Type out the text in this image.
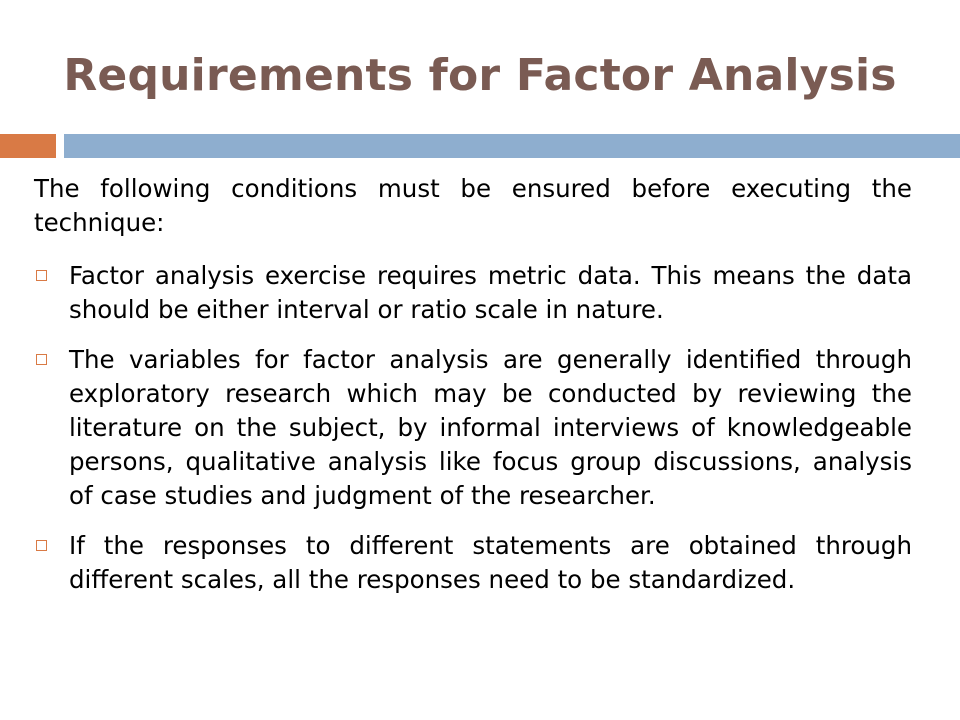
Requirements for Factor Analysis

The following conditions must be ensured before executing the technique:

Factor analysis exercise requires metric data. This means the data should be either interval or ratio scale in nature.
The variables for factor analysis are generally identified through exploratory research which may be conducted by reviewing the literature on the subject, by informal interviews of knowledgeable persons, qualitative analysis like focus group discussions, analysis of case studies and judgment of the researcher.
If the responses to different statements are obtained through different scales, all the responses need to be standardized.
